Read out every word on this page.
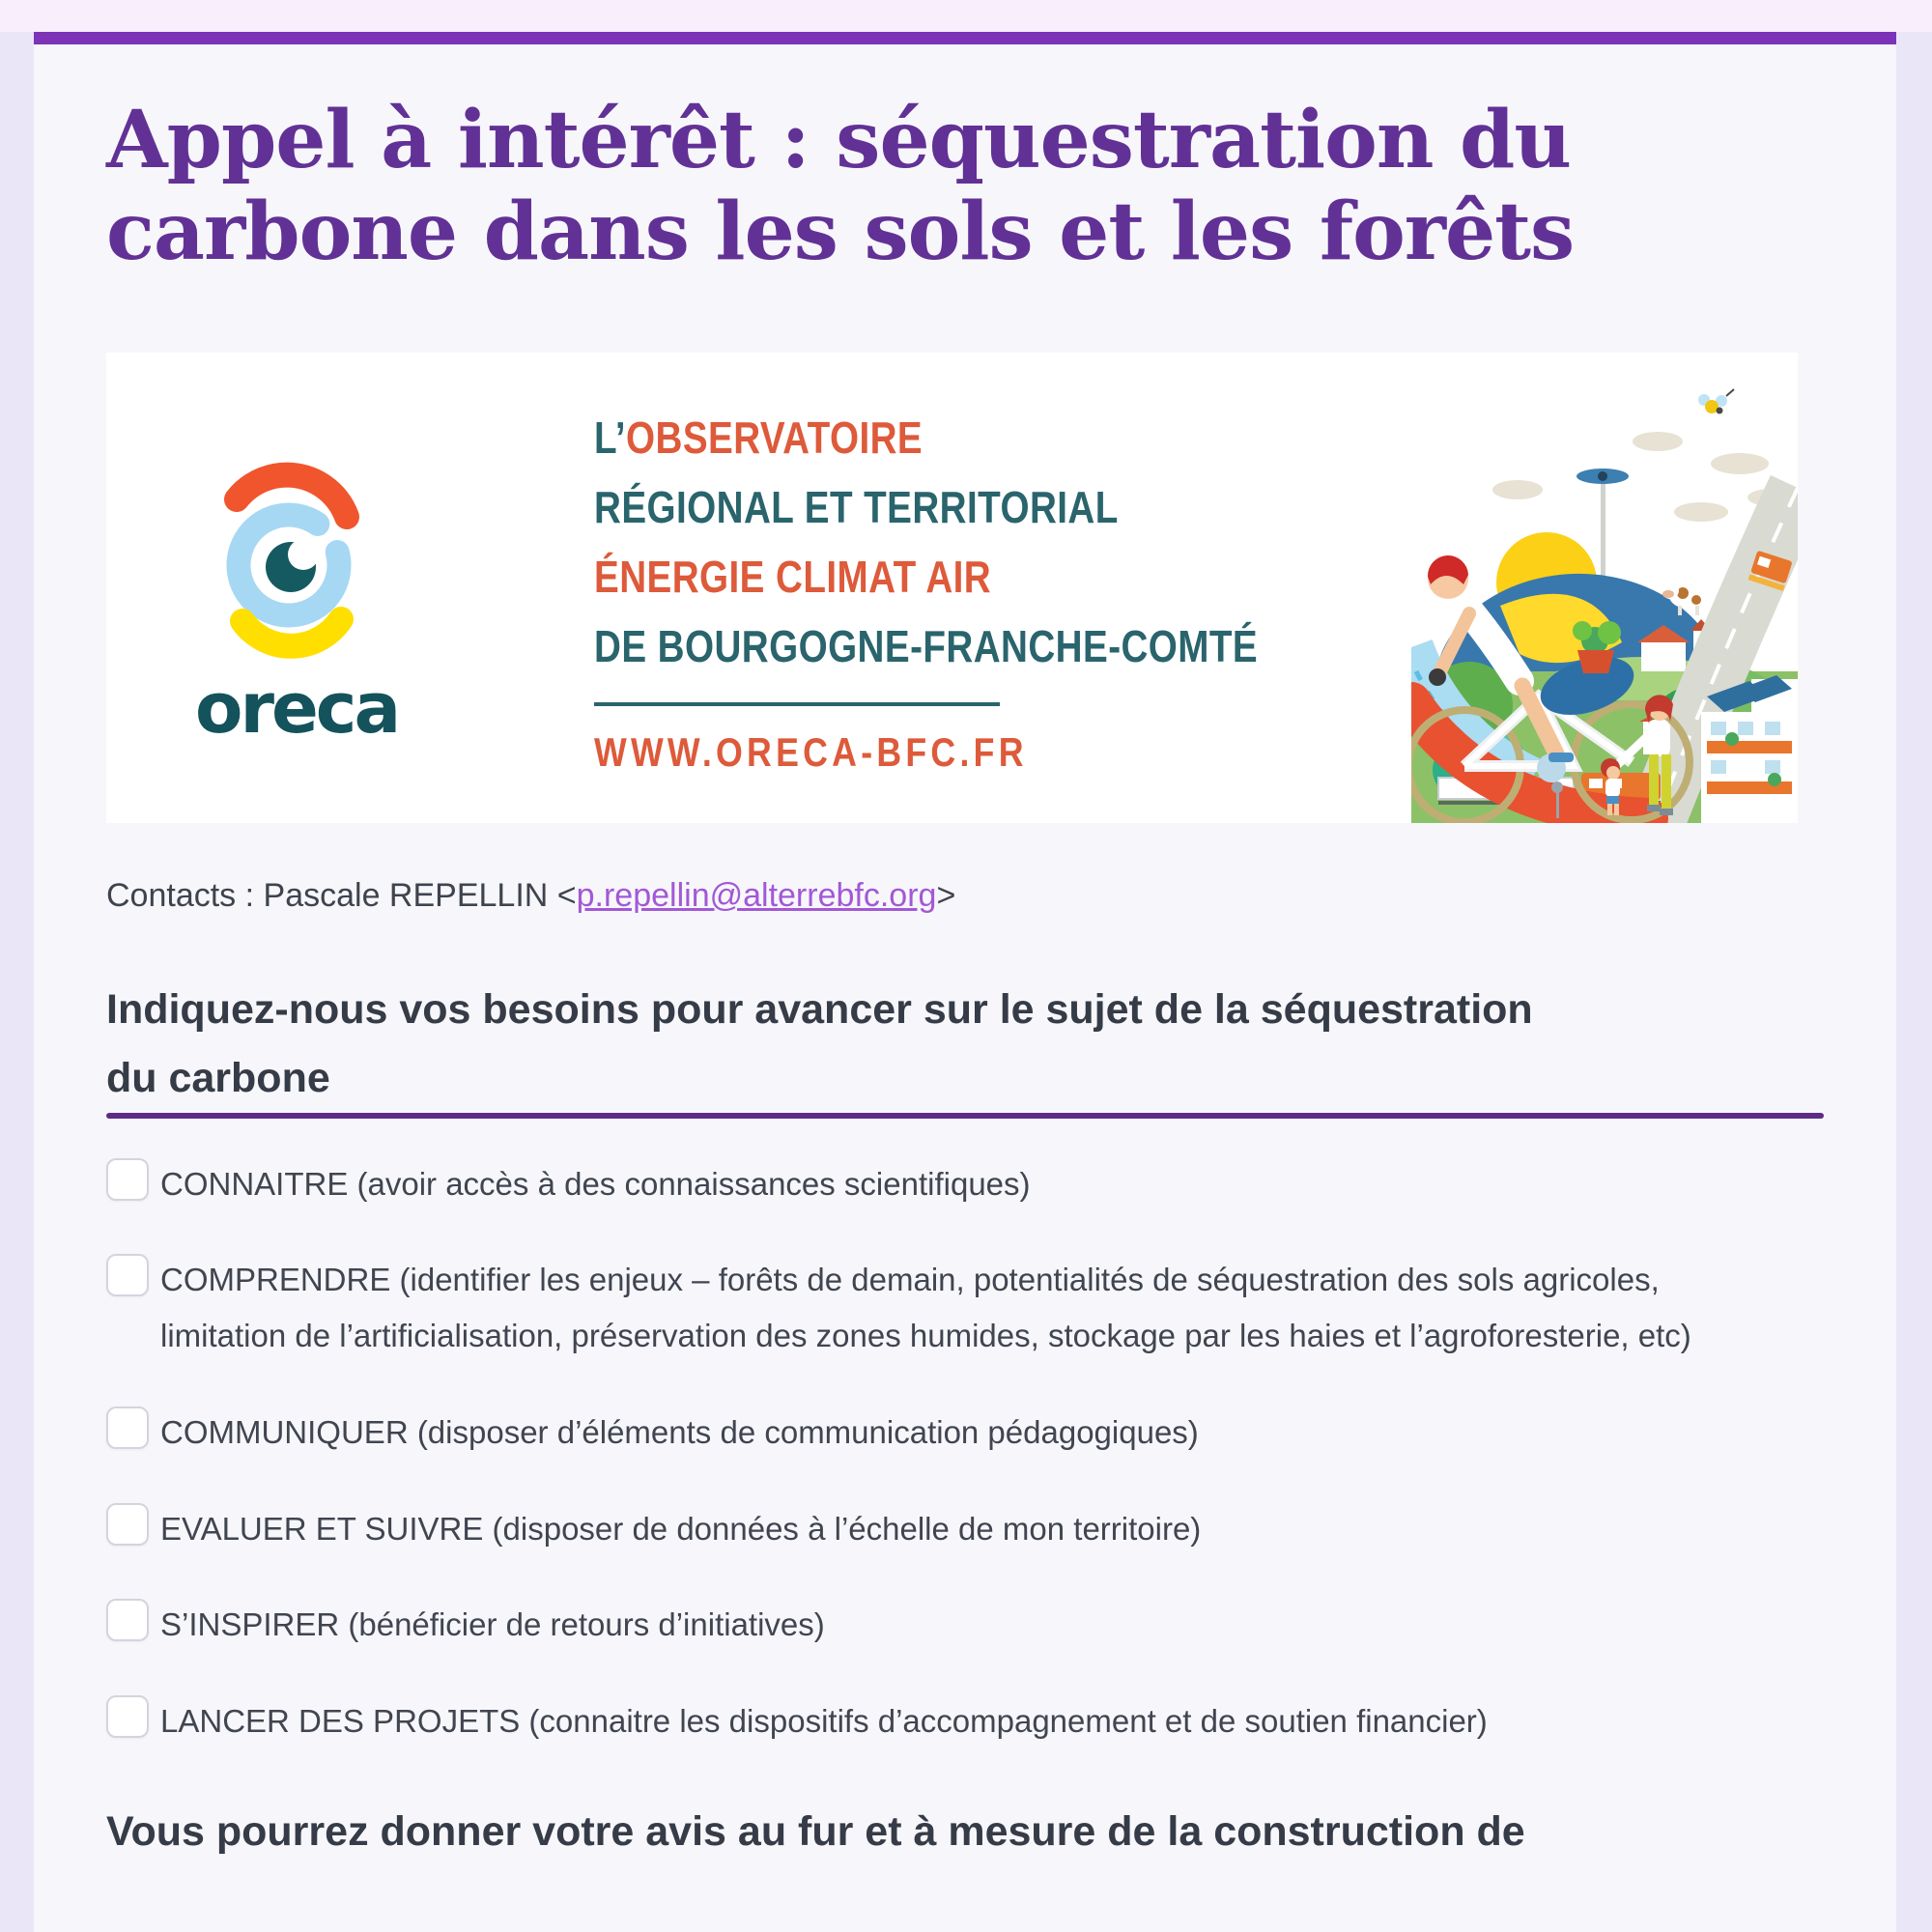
Appel à intérêt : séquestration du
carbone dans les sols et les forêts
oreca
L’OBSERVATOIRE
RÉGIONAL ET TERRITORIAL
ÉNERGIE CLIMAT AIR
DE BOURGOGNE-FRANCHE-COMTÉ
WWW.ORECA-BFC.FR

Contacts : Pascale REPELLIN <p.repellin@alterrebfc.org>

Indiquez-nous vos besoins pour avancer sur le sujet de la séquestration
du carbone
CONNAITRE (avoir accès à des connaissances scientifiques)
COMPRENDRE (identifier les enjeux – forêts de demain, potentialités de séquestration des sols agricoles, limitation de l’artificialisation, préservation des zones humides, stockage par les haies et l’agroforesterie, etc)
COMMUNIQUER (disposer d’éléments de communication pédagogiques)
EVALUER ET SUIVRE (disposer de données à l’échelle de mon territoire)
S’INSPIRER (bénéficier de retours d’initiatives)
LANCER DES PROJETS (connaitre les dispositifs d’accompagnement et de soutien financier)
Vous pourrez donner votre avis au fur et à mesure de la construction de
